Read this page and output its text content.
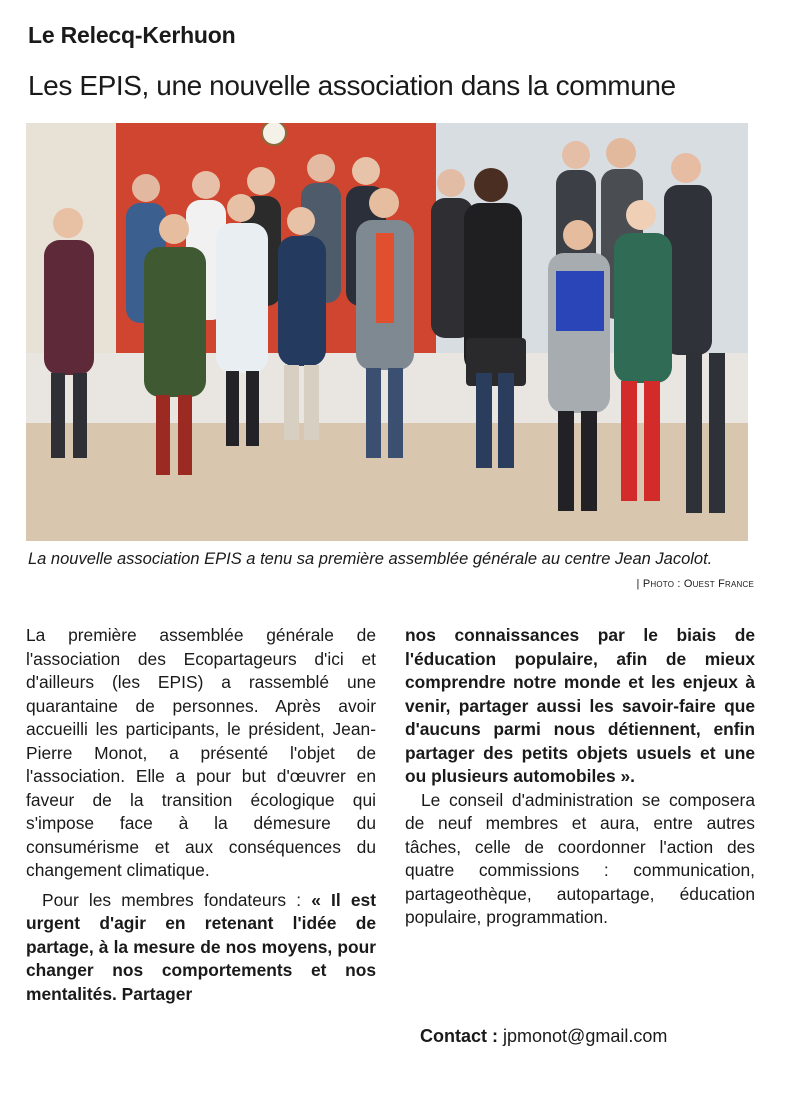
Le Relecq-Kerhuon
Les EPIS, une nouvelle association dans la commune
La nouvelle association EPIS a tenu sa première assemblée générale au centre Jean Jacolot.
| Photo : Ouest France

La première assemblée générale de l'association des Ecopartageurs d'ici et d'ailleurs (les EPIS) a rassemblé une quarantaine de personnes. Après avoir accueilli les participants, le président, Jean-Pierre Monot, a présenté l'objet de l'association. Elle a pour but d'œuvrer en faveur de la transition écologique qui s'impose face à la démesure du consumérisme et aux conséquences du changement climatique.

Pour les membres fondateurs : « Il est urgent d'agir en retenant l'idée de partage, à la mesure de nos moyens, pour changer nos comportements et nos mentalités. Partager

nos connaissances par le biais de l'éducation populaire, afin de mieux comprendre notre monde et les enjeux à venir, partager aussi les savoir-faire que d'aucuns parmi nous détiennent, enfin partager des petits objets usuels et une ou plusieurs automobiles ».

Le conseil d'administration se composera de neuf membres et aura, entre autres tâches, celle de coordonner l'action des quatre commissions : communication, partageothèque, autopartage, éducation populaire, programmation.

Contact : jpmonot@gmail.com
